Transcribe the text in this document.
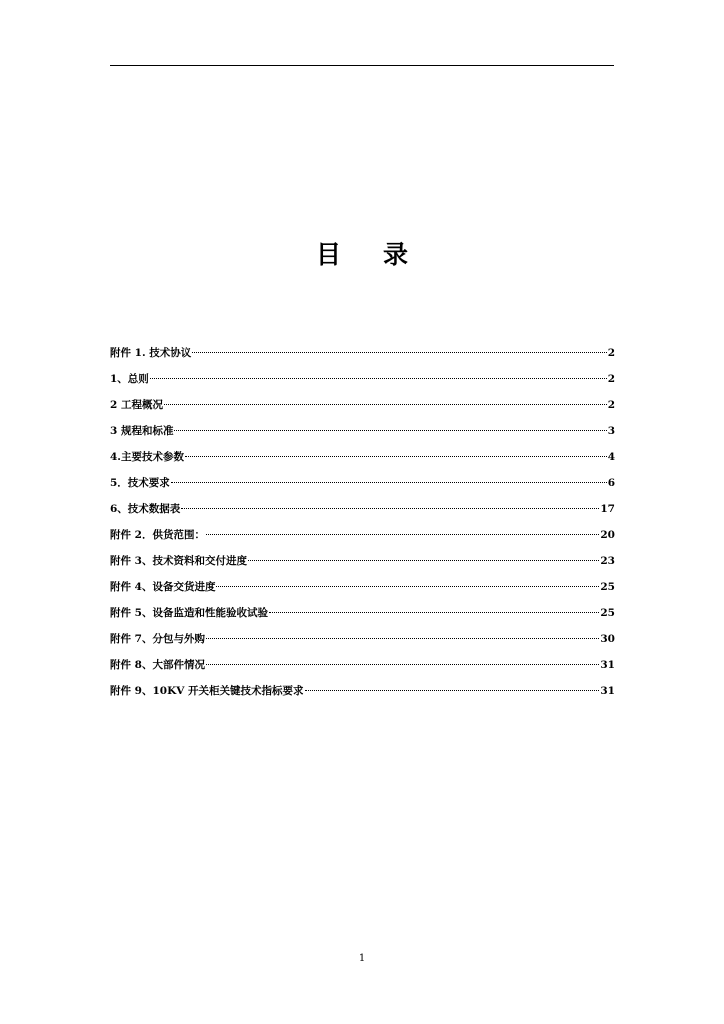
目录
附件 1. 技术协议	2
1、总则	2
2 工程概况	2
3 规程和标准	3
4.主要技术参数	4
5．技术要求	6
6、技术数据表	17
附件 2．供货范围：	20
附件 3、技术资料和交付进度	23
附件 4、设备交货进度	25
附件 5、设备监造和性能验收试验	25
附件 7、分包与外购	30
附件 8、大部件情况	31
附件 9、10KV 开关柜关键技术指标要求	31
1
